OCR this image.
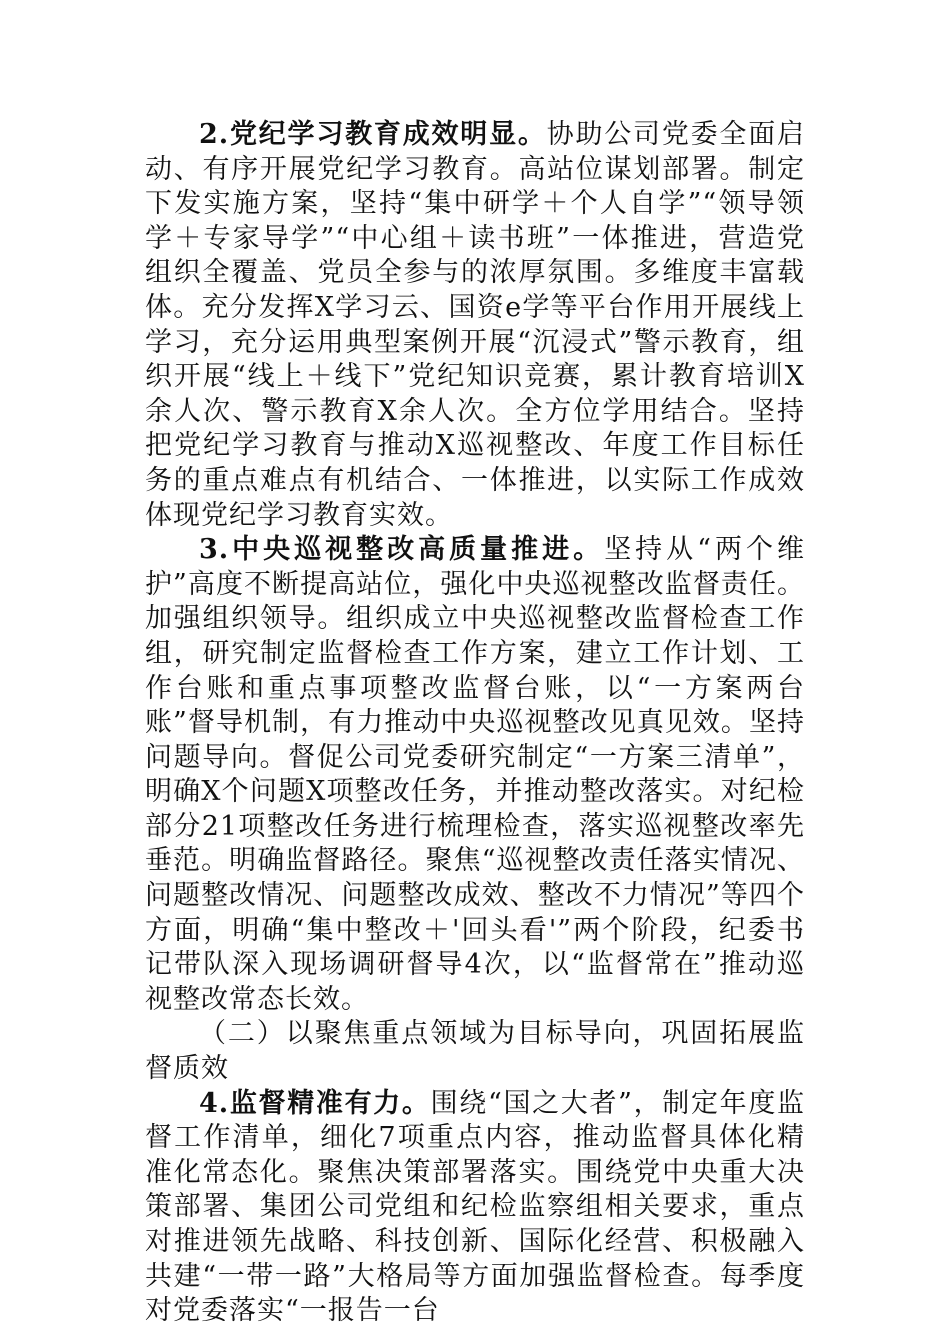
2.党纪学习教育成效明显。协助公司党委全面启动、有序开展党纪学习教育。高站位谋划部署。制定下发实施方案，坚持“集中研学＋个人自学”“领导领学＋专家导学”“中心组＋读书班”一体推进，营造党组织全覆盖、党员全参与的浓厚氛围。多维度丰富载体。充分发挥X学习云、国资e学等平台作用开展线上学习，充分运用典型案例开展“沉浸式”警示教育，组织开展“线上＋线下”党纪知识竞赛，累计教育培训X余人次、警示教育X余人次。全方位学用结合。坚持把党纪学习教育与推动X巡视整改、年度工作目标任务的重点难点有机结合、一体推进，以实际工作成效体现党纪学习教育实效。

3.中央巡视整改高质量推进。坚持从“两个维护”高度不断提高站位，强化中央巡视整改监督责任。加强组织领导。组织成立中央巡视整改监督检查工作组，研究制定监督检查工作方案，建立工作计划、工作台账和重点事项整改监督台账，以“一方案两台账”督导机制，有力推动中央巡视整改见真见效。坚持问题导向。督促公司党委研究制定“一方案三清单”，明确X个问题X项整改任务，并推动整改落实。对纪检部分21项整改任务进行梳理检查，落实巡视整改率先垂范。明确监督路径。聚焦“巡视整改责任落实情况、问题整改情况、问题整改成效、整改不力情况”等四个方面，明确“集中整改＋'回头看'”两个阶段，纪委书记带队深入现场调研督导4次，以“监督常在”推动巡视整改常态长效。

（二）以聚焦重点领域为目标导向，巩固拓展监督质效

4.监督精准有力。围绕“国之大者”，制定年度监督工作清单，细化7项重点内容，推动监督具体化精准化常态化。聚焦决策部署落实。围绕党中央重大决策部署、集团公司党组和纪检监察组相关要求，重点对推进领先战略、科技创新、国际化经营、积极融入共建“一带一路”大格局等方面加强监督检查。每季度对党委落实“一报告一台
